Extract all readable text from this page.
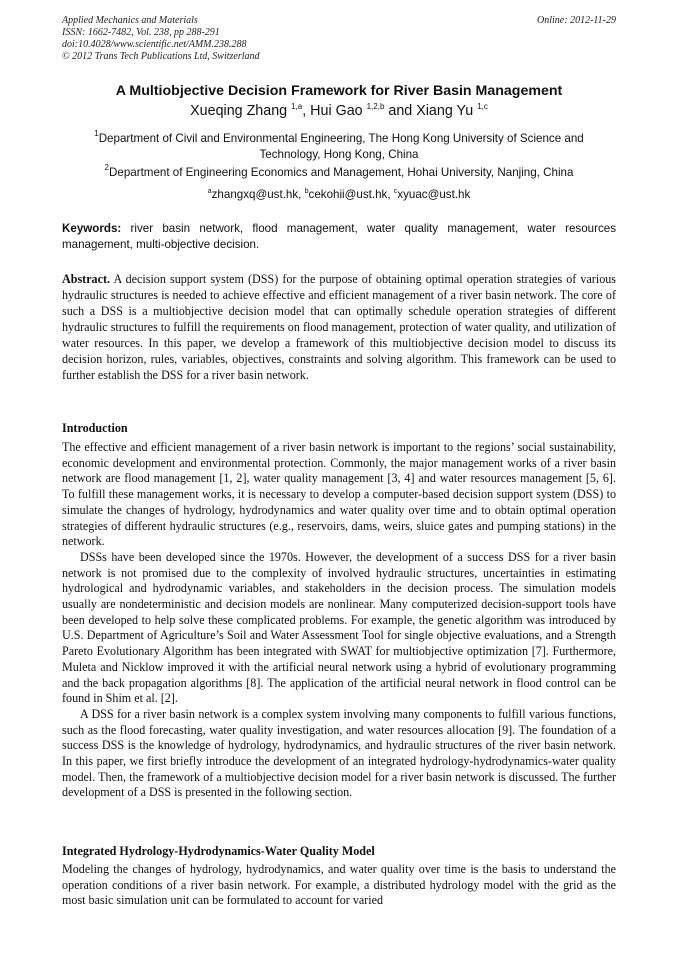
Applied Mechanics and Materials
ISSN: 1662-7482, Vol. 238, pp 288-291
doi:10.4028/www.scientific.net/AMM.238.288
© 2012 Trans Tech Publications Ltd, Switzerland
Online: 2012-11-29
A Multiobjective Decision Framework for River Basin Management
Xueqing Zhang $^{1,a}$, Hui Gao $^{1,2,b}$ and Xiang Yu $^{1,c}$
$^1$Department of Civil and Environmental Engineering, The Hong Kong University of Science and Technology, Hong Kong, China
$^2$Department of Engineering Economics and Management, Hohai University, Nanjing, China
$^a$zhangxq@ust.hk, $^b$cekohii@ust.hk, $^c$xyuac@ust.hk
Keywords: river basin network, flood management, water quality management, water resources management, multi-objective decision.
Abstract. A decision support system (DSS) for the purpose of obtaining optimal operation strategies of various hydraulic structures is needed to achieve effective and efficient management of a river basin network. The core of such a DSS is a multiobjective decision model that can optimally schedule operation strategies of different hydraulic structures to fulfill the requirements on flood management, protection of water quality, and utilization of water resources. In this paper, we develop a framework of this multiobjective decision model to discuss its decision horizon, rules, variables, objectives, constraints and solving algorithm. This framework can be used to further establish the DSS for a river basin network.
Introduction

The effective and efficient management of a river basin network is important to the regions’ social sustainability, economic development and environmental protection. Commonly, the major management works of a river basin network are flood management [1, 2], water quality management [3, 4] and water resources management [5, 6]. To fulfill these management works, it is necessary to develop a computer-based decision support system (DSS) to simulate the changes of hydrology, hydrodynamics and water quality over time and to obtain optimal operation strategies of different hydraulic structures (e.g., reservoirs, dams, weirs, sluice gates and pumping stations) in the network.

DSSs have been developed since the 1970s. However, the development of a success DSS for a river basin network is not promised due to the complexity of involved hydraulic structures, uncertainties in estimating hydrological and hydrodynamic variables, and stakeholders in the decision process. The simulation models usually are nondeterministic and decision models are nonlinear. Many computerized decision-support tools have been developed to help solve these complicated problems. For example, the genetic algorithm was introduced by U.S. Department of Agriculture’s Soil and Water Assessment Tool for single objective evaluations, and a Strength Pareto Evolutionary Algorithm has been integrated with SWAT for multiobjective optimization [7]. Furthermore, Muleta and Nicklow improved it with the artificial neural network using a hybrid of evolutionary programming and the back propagation algorithms [8]. The application of the artificial neural network in flood control can be found in Shim et al. [2].

A DSS for a river basin network is a complex system involving many components to fulfill various functions, such as the flood forecasting, water quality investigation, and water resources allocation [9]. The foundation of a success DSS is the knowledge of hydrology, hydrodynamics, and hydraulic structures of the river basin network. In this paper, we first briefly introduce the development of an integrated hydrology-hydrodynamics-water quality model. Then, the framework of a multiobjective decision model for a river basin network is discussed. The further development of a DSS is presented in the following section.

Integrated Hydrology-Hydrodynamics-Water Quality Model

Modeling the changes of hydrology, hydrodynamics, and water quality over time is the basis to understand the operation conditions of a river basin network. For example, a distributed hydrology model with the grid as the most basic simulation unit can be formulated to account for varied
